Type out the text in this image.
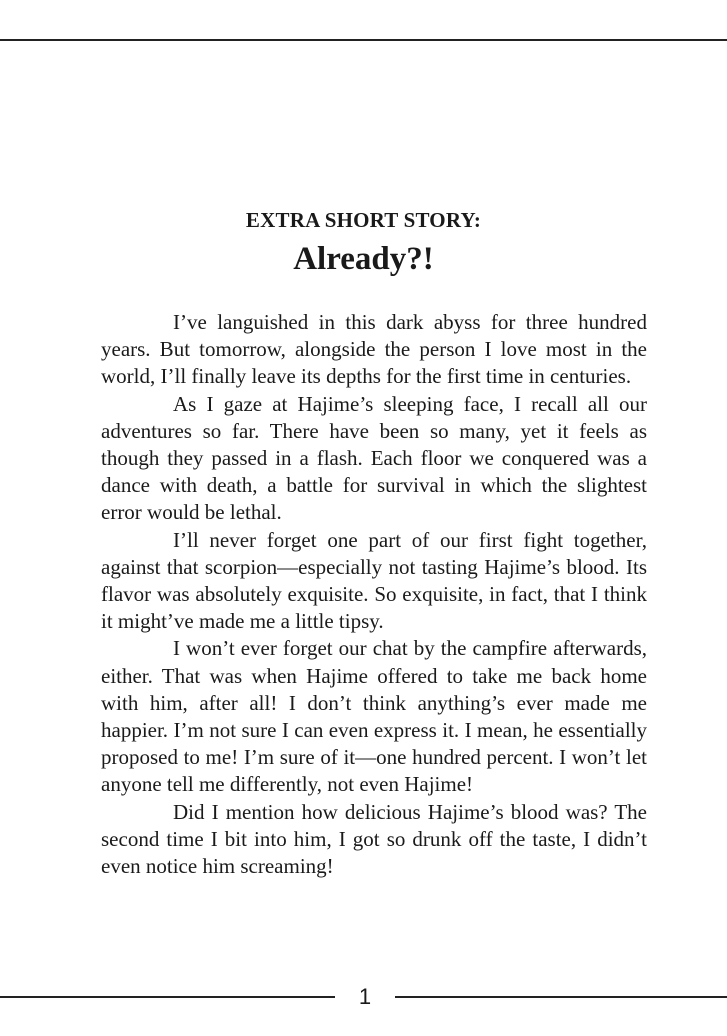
EXTRA SHORT STORY:
Already?!

I’ve languished in this dark abyss for three hundred years. But tomorrow, alongside the person I love most in the world, I’ll finally leave its depths for the first time in centuries.

As I gaze at Hajime’s sleeping face, I recall all our adventures so far. There have been so many, yet it feels as though they passed in a flash. Each floor we conquered was a dance with death, a battle for survival in which the slightest error would be lethal.

I’ll never forget one part of our first fight together, against that scorpion—especially not tasting Hajime’s blood. Its flavor was absolutely exquisite. So exquisite, in fact, that I think it might’ve made me a little tipsy.

I won’t ever forget our chat by the campfire afterwards, either. That was when Hajime offered to take me back home with him, after all! I don’t think anything’s ever made me happier. I’m not sure I can even express it. I mean, he essentially proposed to me! I’m sure of it—one hundred percent. I won’t let anyone tell me differently, not even Hajime!

Did I mention how delicious Hajime’s blood was? The second time I bit into him, I got so drunk off the taste, I didn’t even notice him screaming!

1
